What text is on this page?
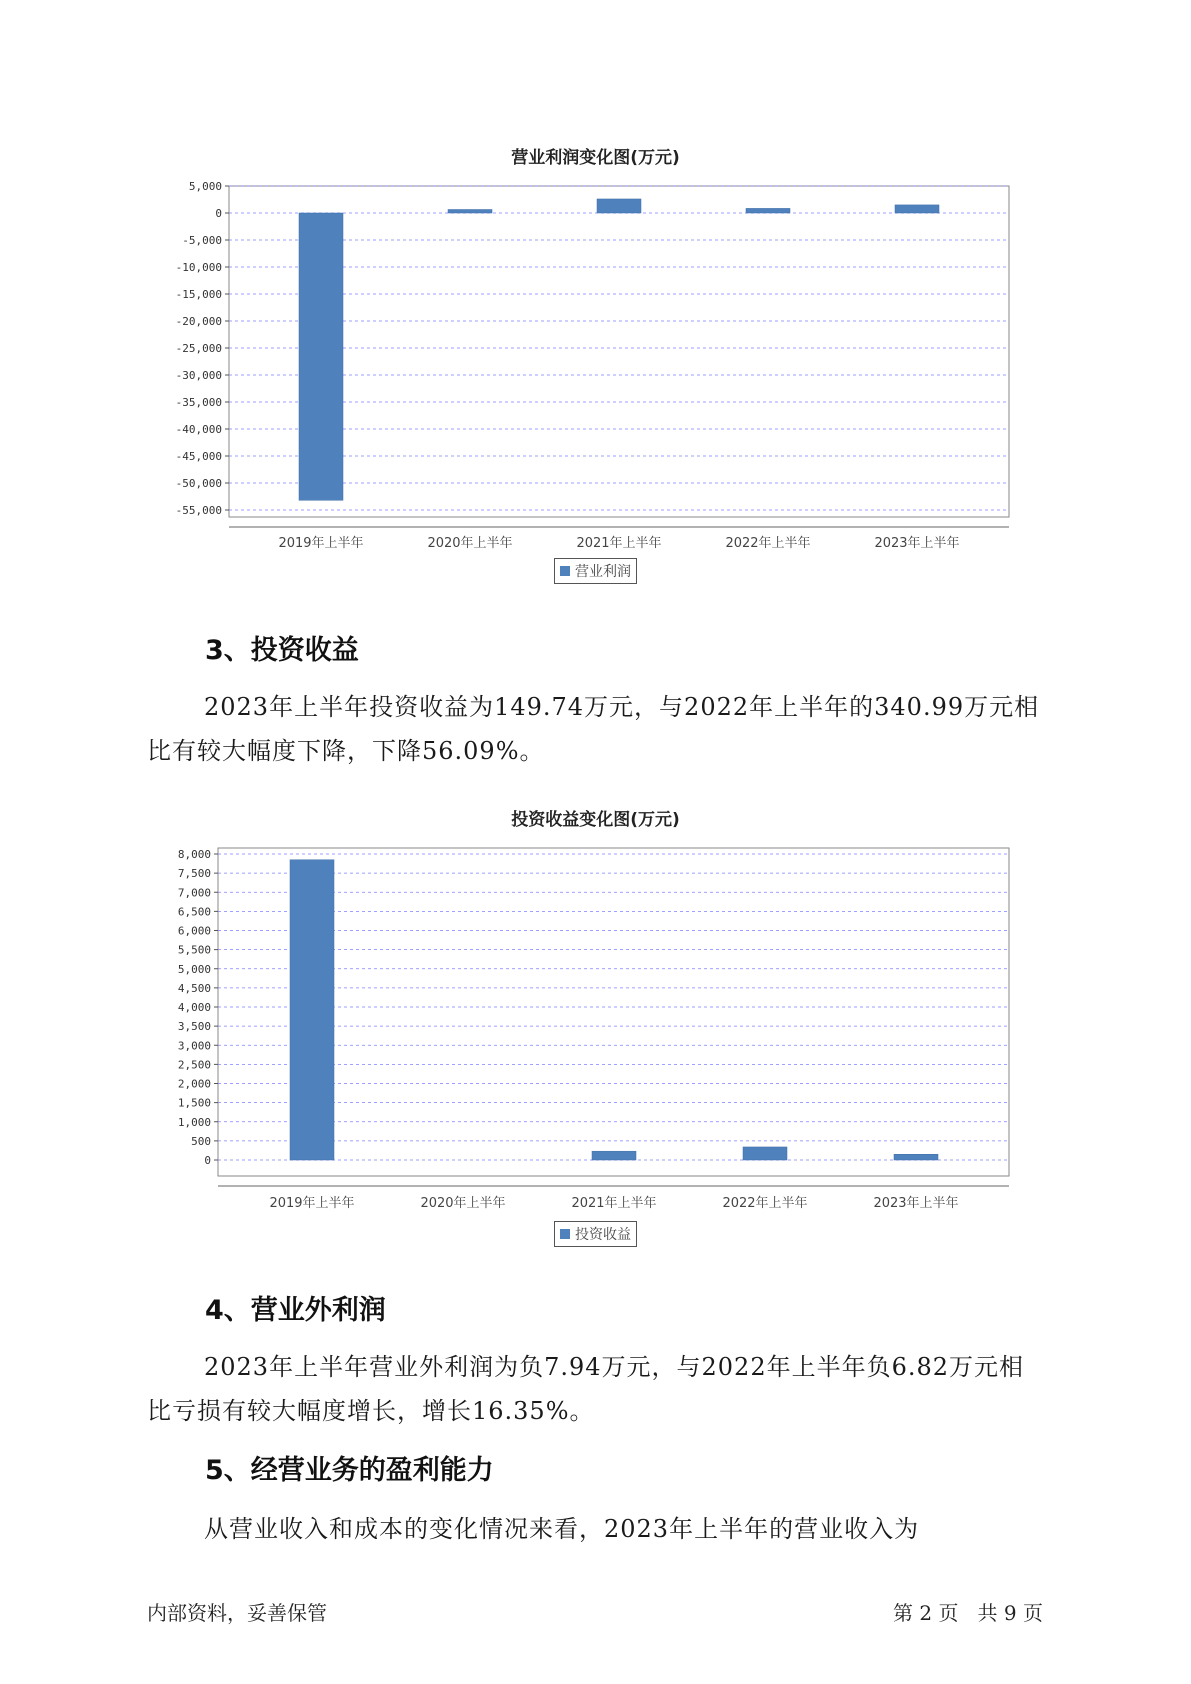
营业利润变化图(万元)
5,000
0
-5,000
-10,000
-15,000
-20,000
-25,000
-30,000
-35,000
-40,000
-45,000
-50,000
-55,000
2019年上半年	2020年上半年	2021年上半年	2022年上半年	2023年上半年
营业利润
3、投资收益

2023年上半年投资收益为149.74万元，与2022年上半年的340.99万元相比有较大幅度下降，下降56.09%。

投资收益变化图(万元)
8,000
7,500
7,000
6,500
6,000
5,500
5,000
4,500
4,000
3,500
3,000
2,500
2,000
1,500
1,000
500
0
2019年上半年	2020年上半年	2021年上半年	2022年上半年	2023年上半年
投资收益
4、营业外利润

2023年上半年营业外利润为负7.94万元，与2022年上半年负6.82万元相比亏损有较大幅度增长，增长16.35%。

5、经营业务的盈利能力

从营业收入和成本的变化情况来看，2023年上半年的营业收入为

内部资料，妥善保管	第 2 页   共 9 页
